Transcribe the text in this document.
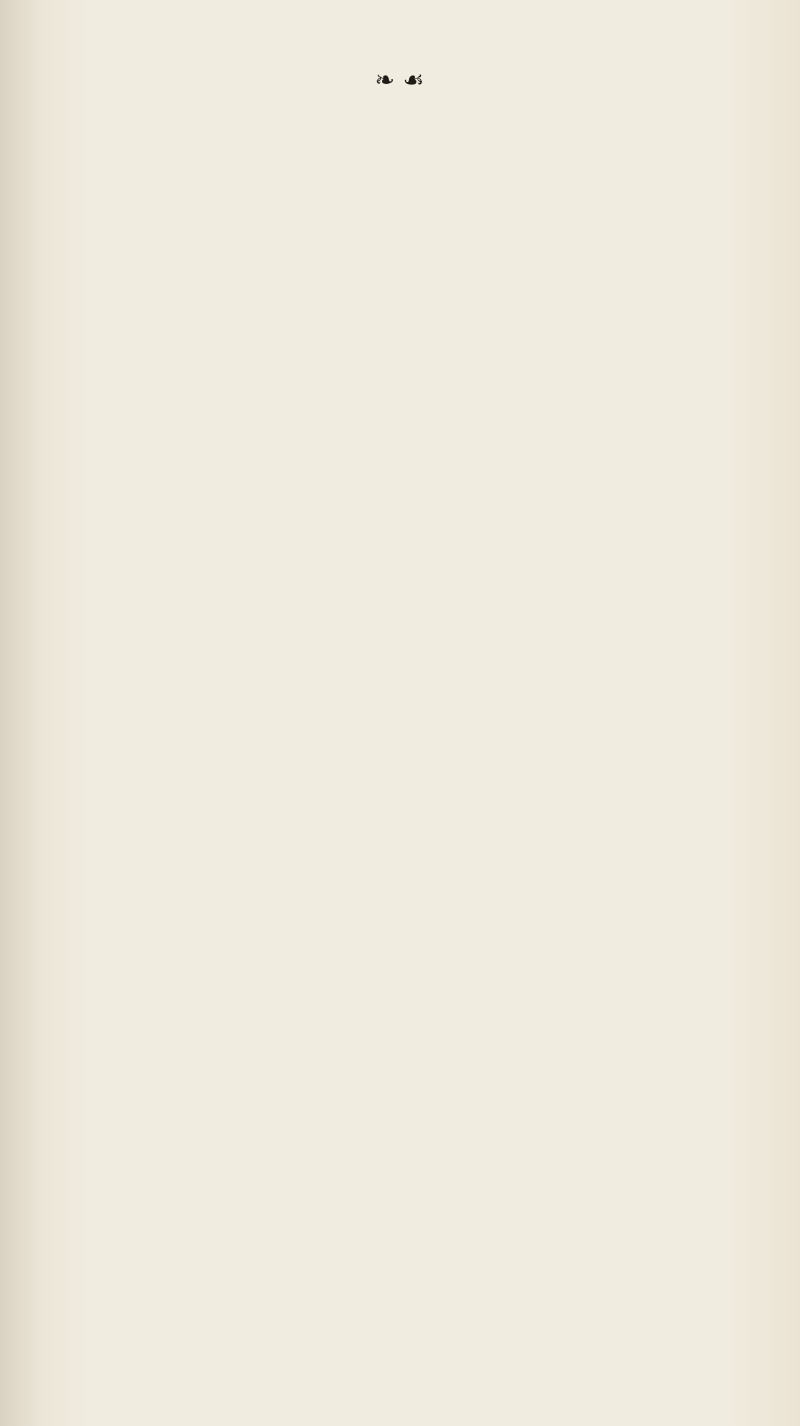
❧ ☙
